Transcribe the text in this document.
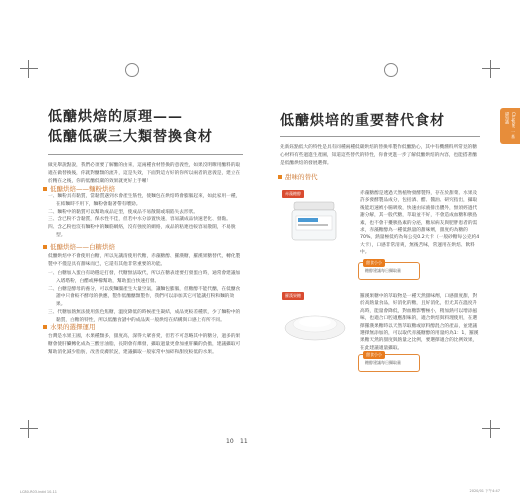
低醣烘焙的原理——
低醣低碳三大類替換食材
做先舉說點說，我們必須要了解醣的由來，這兩種食材替換的意義性，如果沒明瞭用醣料的取適在做替換後，你就對醣類的流升，這是失效，下面對這方好的你所以兩者的意義是，建立在於精在之後，你的低醣低碳的效果就更好上手囉！
低醣烘焙——麵粉烘焙
一、麵粉具有黏質，當黏質遇到水會產生筋性，使麵包在烘焙時會膨脹起來，如此家用一種，在結麵時不用下，麵粉會黏著帶有嚼勁。
二、麵粉中的黏質可以幫助成品定型，使成品不易散開或塌陷失去形狀。
三、含已粉不含黏質，保水性不佳，但若中水分添置快速，容易讓成品快速老化、發黏。
四、含乙粉也沒有麵粉中的麵筋網絡，沒有強度的網絡，成品的粘連也較容易散開，不易脫型。
低醣烘焙——白糖烘焙
低醣烘焙中不會使用白糖，所以先讓清使用代糖，赤藻糖醇、羅漢糖，羅漢果糖替代，轉化製製中不僅是具有甜味而已，它還有其他非常重要的功能。
一、白糖加入蛋白有助穩定打發，代糖無法取代，所以在糖表達要打發蛋白時，通常會建議加入塔塔粉，白醋或檸檬幫助，幫助蛋白快速打發。
二、白糖是酵母的養分，可以使麵團產生大量空氣，讓麵包膨脹，但糖醇不能代醣，在低醣食譜中只會較不酵母的供應，製作低醣醣類製作，我們可以添加其它可能讓打粉和麵的效果。
三、代糖加熱無法使用焦色焦糖，溫度降低的時候產生凝結，成品更較差種狀，少了麵粉中的黏質，白糖的特性，所以低醣食譜中的成品與一般烘焙在結構與口感上有所不同。
水果的選擇運用
台灣是水果王國，水果種類多，甜度高，深得大眾喜愛，但若不可忽略其中的糖分，過多的果糖會使肝臟轉化成為三酸甘油脂，長期會有爆發，攝取過量更會加重肝臟的負擔，建議攝取可幫助消化減少脂肪，改善皮膚狀況，建議攝取一般家常中加碎和甜度較低的水果。
LC80-R03.indd 10-11
Chapter 一 基礎知識
低醣烘培的重要替代食材
先新鈺點低大的特性是具有同種兩種低碳烘焙的替換率製作低醣點心，其中有機燻料所常見的糖心材料有些過進生產圖，知道這些替代的特性，你會更進一步了解低醣烘焙的內容，也能搭著醣是低醣烘焙的發展選擇。
甜味的替代
赤藻糖醇	赤藻糖醇是透過天然植物發酵製得，存在於甜菜、水果及許多發酵製品成分，包括酒、醋、醬油、研究指出，攝取後能迅速被小腸吸收，快速由尿液排出體外，無須經過代謝分解，其一般代糖，萃取並不好，不會造成血糖和胰島素，也不會干擾胰島素的分泌，糖尿病友與肥胖患者的需求，赤藻糖醇為一種低熱量的甜味劑，甜度約為糖的70%，熱量極低約為每公克0.2大卡（一般砂糖每公克約4大卡），口感非常清爽，無後苦味，常運用在烘焙、飲料中。
甜食小小
糖醇建議每日攝取量
羅漢果糖	羅漢果糖中的萃取物是一種天然甜味劑，口感甜度甜，對於高熱量食品，好消化的糖，且好消化，但尤其在溫度升高時，能量會降低，對血糖影響極小，稍加熱可以增添風味，也適合口腔適應甜味的，適合烘焙與料理使用，在選擇羅漢果糖時以天然萃取糖或原料醇混合的產品，並建議選擇無添加的，可以取代赤藻糖醇的用量約為1：1，羅漢果糖天然的甜度與熱量之比例，要選擇適合的比例效果，在此建議適量攝取。
甜食小小
糖醇建議每日攝取量
2020/01 下午4:47
10 11
